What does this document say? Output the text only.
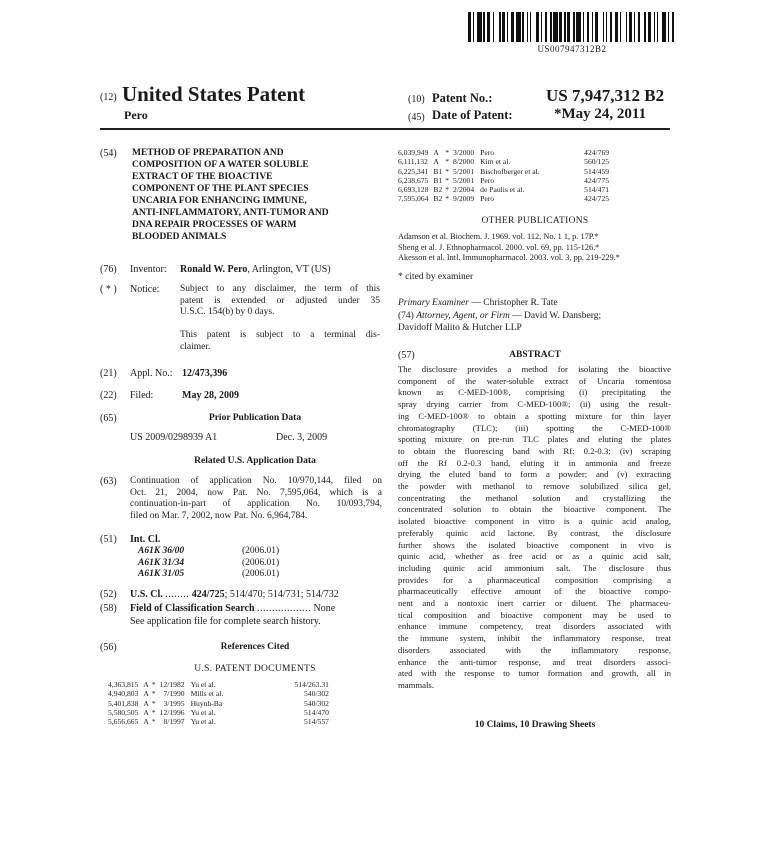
US007947312B2
(12) United States Patent
Pero
(10) Patent No.:	US 7,947,312 B2
(45) Date of Patent:	*May 24, 2011
(54) METHOD OF PREPARATION AND
COMPOSITION OF A WATER SOLUBLE
EXTRACT OF THE BIOACTIVE
COMPONENT OF THE PLANT SPECIES
UNCARIA FOR ENHANCING IMMUNE,
ANTI-INFLAMMATORY, ANTI-TUMOR AND
DNA REPAIR PROCESSES OF WARM
BLOODED ANIMALS
(76) Inventor: Ronald W. Pero, Arlington, VT (US)
( * ) Notice: Subject to any disclaimer, the term of this
patent is extended or adjusted under 35
U.S.C. 154(b) by 0 days.
This patent is subject to a terminal dis-
claimer.
(21) Appl. No.: 12/473,396
(22) Filed:	May 28, 2009
(65)	Prior Publication Data
US 2009/0298939 A1	Dec. 3, 2009
Related U.S. Application Data
(63) Continuation of application No. 10/970,144, filed on
Oct. 21, 2004, now Pat. No. 7,595,064, which is a
continuation-in-part of application No. 10/093,794,
filed on Mar. 7, 2002, now Pat. No. 6,964,784.
(51) Int. Cl.
A61K 36/00	(2006.01)
A61K 31/34	(2006.01)
A61K 31/05	(2006.01)
(52) U.S. Cl. ........ 424/725; 514/470; 514/731; 514/732
(58) Field of Classification Search .................. None
See application file for complete search history.
(56)	References Cited
U.S. PATENT DOCUMENTS
4,363,815	A	*	12/1982	Yu et al.	514/263.31
4,940,803	A	*	7/1990	Mills et al.	540/302
5,401,838	A	*	3/1995	Huynh-Ba	540/302
5,580,505	A	*	12/1996	Yu et al.	514/470
5,656,665	A	*	8/1997	Yu et al.	514/557
6,039,949	A	*	3/2000	Pero	424/769
6,111,132	A	*	8/2000	Kim et al.	560/125
6,225,341	B1	*	5/2001	Bischofberger et al.	514/459
6,238,675	B1	*	5/2001	Pero	424/775
6,693,128	B2	*	2/2004	de Paulis et al.	514/471
7,595,064	B2	*	9/2009	Pero	424/725
OTHER PUBLICATIONS
Adamson et al. Biochem. J. 1969. vol. 112, No. 1 1, p. 17P.*
Sheng et al. J. Ethnopharmacol. 2000. vol. 69, pp. 115-126.*
Akesson et al. Intl. Immunopharmacol. 2003. vol. 3, pp. 219-229.*
* cited by examiner
Primary Examiner — Christopher R. Tate
(74) Attorney, Agent, or Firm — David W. Dansberg;
Davidoff Malito & Hutcher LLP
(57)	ABSTRACT
The disclosure provides a method for isolating the bioactive
component of the water-soluble extract of Uncaria tomentosa
known as C-MED-100®, comprising (i) precipitating the
spray drying carrier from C-MED-100®; (ii) using the result-
ing C-MED-100® to obtain a spotting mixture for thin layer
chromatography (TLC); (iii) spotting the C-MED-100®
spotting mixture on pre-run TLC plates and eluting the plates
to obtain the fluorescing band with Rf: 0.2-0.3; (iv) scraping
off the Rf 0.2-0.3 band, eluting it in ammonia and freeze
drying the eluted band to form a powder; and (v) extracting
the powder with methanol to remove solubilized silica gel,
concentrating the methanol solution and crystallizing the
concentrated solution to obtain the bioactive component. The
isolated bioactive component in vitro is a quinic acid analog,
preferably quinic acid lactone. By contrast, the disclosure
further shows the isolated bioactive component in vivo is
quinic acid, whether as free acid or as a quinic acid salt,
including quinic acid ammonium salt. The disclosure thus
provides for a pharmaceutical composition comprising a
pharmaceutically effective amount of the bioactive compo-
nent and a nontoxic inert carrier or diluent. The pharmaceu-
tical composition and bioactive component may be used to
enhance immune competency, treat disorders associated with
the immune system, inhibit the inflammatory response, treat
disorders associated with the inflammatory response,
enhance the anti-tumor response, and treat disorders associ-
ated with the response to tumor formation and growth, all in
mammals.
10 Claims, 10 Drawing Sheets
